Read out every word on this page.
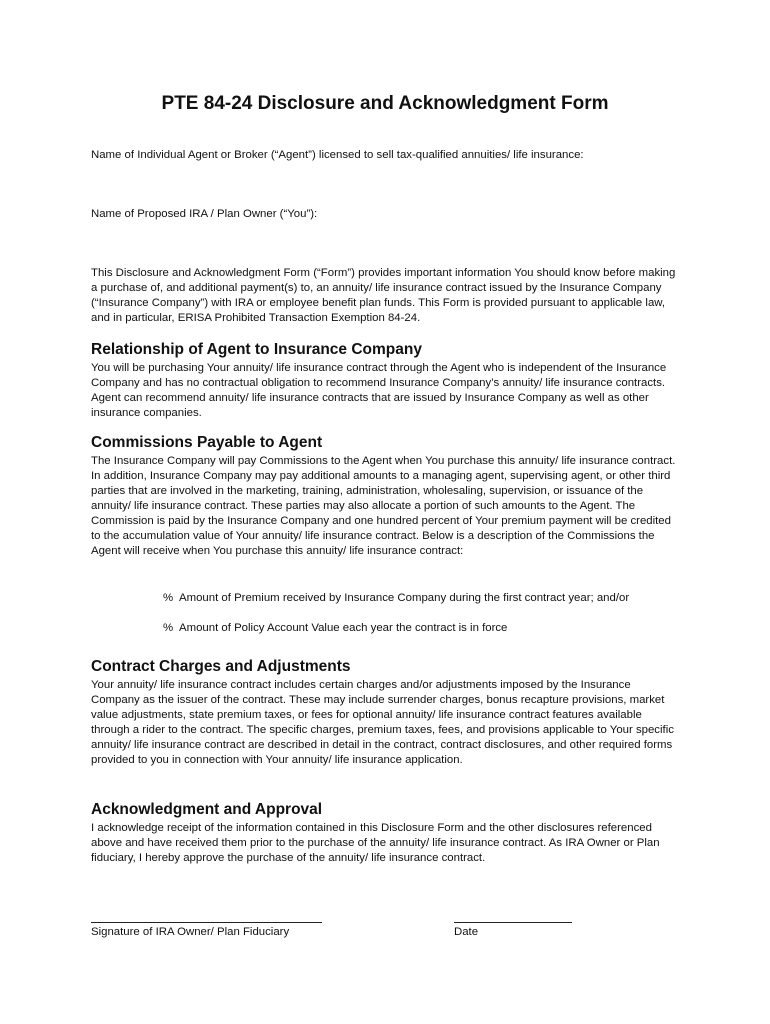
PTE 84-24 Disclosure and Acknowledgment Form

Name of Individual Agent or Broker (“Agent”) licensed to sell tax-qualified annuities/ life insurance:

Name of Proposed IRA / Plan Owner (“You”):

This Disclosure and Acknowledgment Form (“Form”) provides important information You should know before making a purchase of, and additional payment(s) to, an annuity/ life insurance contract issued by the Insurance Company (“Insurance Company”) with IRA or employee benefit plan funds. This Form is provided pursuant to applicable law, and in particular, ERISA Prohibited Transaction Exemption 84-24.

Relationship of Agent to Insurance Company

You will be purchasing Your annuity/ life insurance contract through the Agent who is independent of the Insurance Company and has no contractual obligation to recommend Insurance Company’s annuity/ life insurance contracts. Agent can recommend annuity/ life insurance contracts that are issued by Insurance Company as well as other insurance companies.

Commissions Payable to Agent

The Insurance Company will pay Commissions to the Agent when You purchase this annuity/ life insurance contract. In addition, Insurance Company may pay additional amounts to a managing agent, supervising agent, or other third parties that are involved in the marketing, training, administration, wholesaling, supervision, or issuance of the annuity/ life insurance contract. These parties may also allocate a portion of such amounts to the Agent. The Commission is paid by the Insurance Company and one hundred percent of Your premium payment will be credited to the accumulation value of Your annuity/ life insurance contract. Below is a description of the Commissions the Agent will receive when You purchase this annuity/ life insurance contract:

% Amount of Premium received by Insurance Company during the first contract year; and/or

% Amount of Policy Account Value each year the contract is in force

Contract Charges and Adjustments

Your annuity/ life insurance contract includes certain charges and/or adjustments imposed by the Insurance Company as the issuer of the contract. These may include surrender charges, bonus recapture provisions, market value adjustments, state premium taxes, or fees for optional annuity/ life insurance contract features available through a rider to the contract. The specific charges, premium taxes, fees, and provisions applicable to Your specific annuity/ life insurance contract are described in detail in the contract, contract disclosures, and other required forms provided to you in connection with Your annuity/ life insurance application.

Acknowledgment and Approval

I acknowledge receipt of the information contained in this Disclosure Form and the other disclosures referenced above and have received them prior to the purchase of the annuity/ life insurance contract. As IRA Owner or Plan fiduciary, I hereby approve the purchase of the annuity/ life insurance contract.

Signature of IRA Owner/ Plan Fiduciary	Date
